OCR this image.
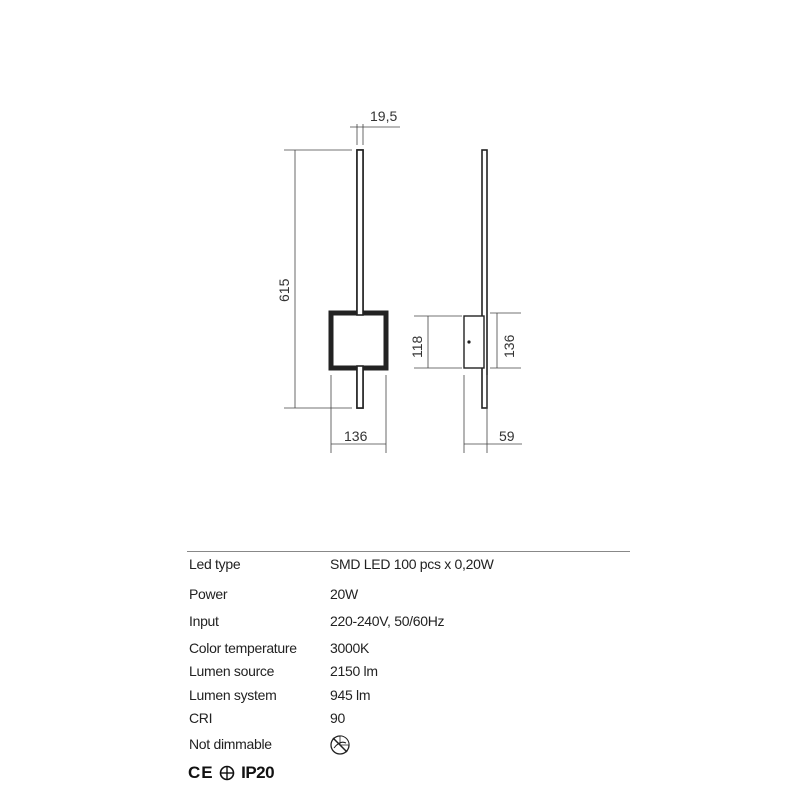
19,5
615
136
118	136
59
Led type	SMD LED 100 pcs x 0,20W
Power	20W
Input	220-240V, 50/60Hz
Color temperature 3000K
Lumen source	2150 lm
Lumen system	945 lm
CRI	90
Not dimmable
CE IP20
